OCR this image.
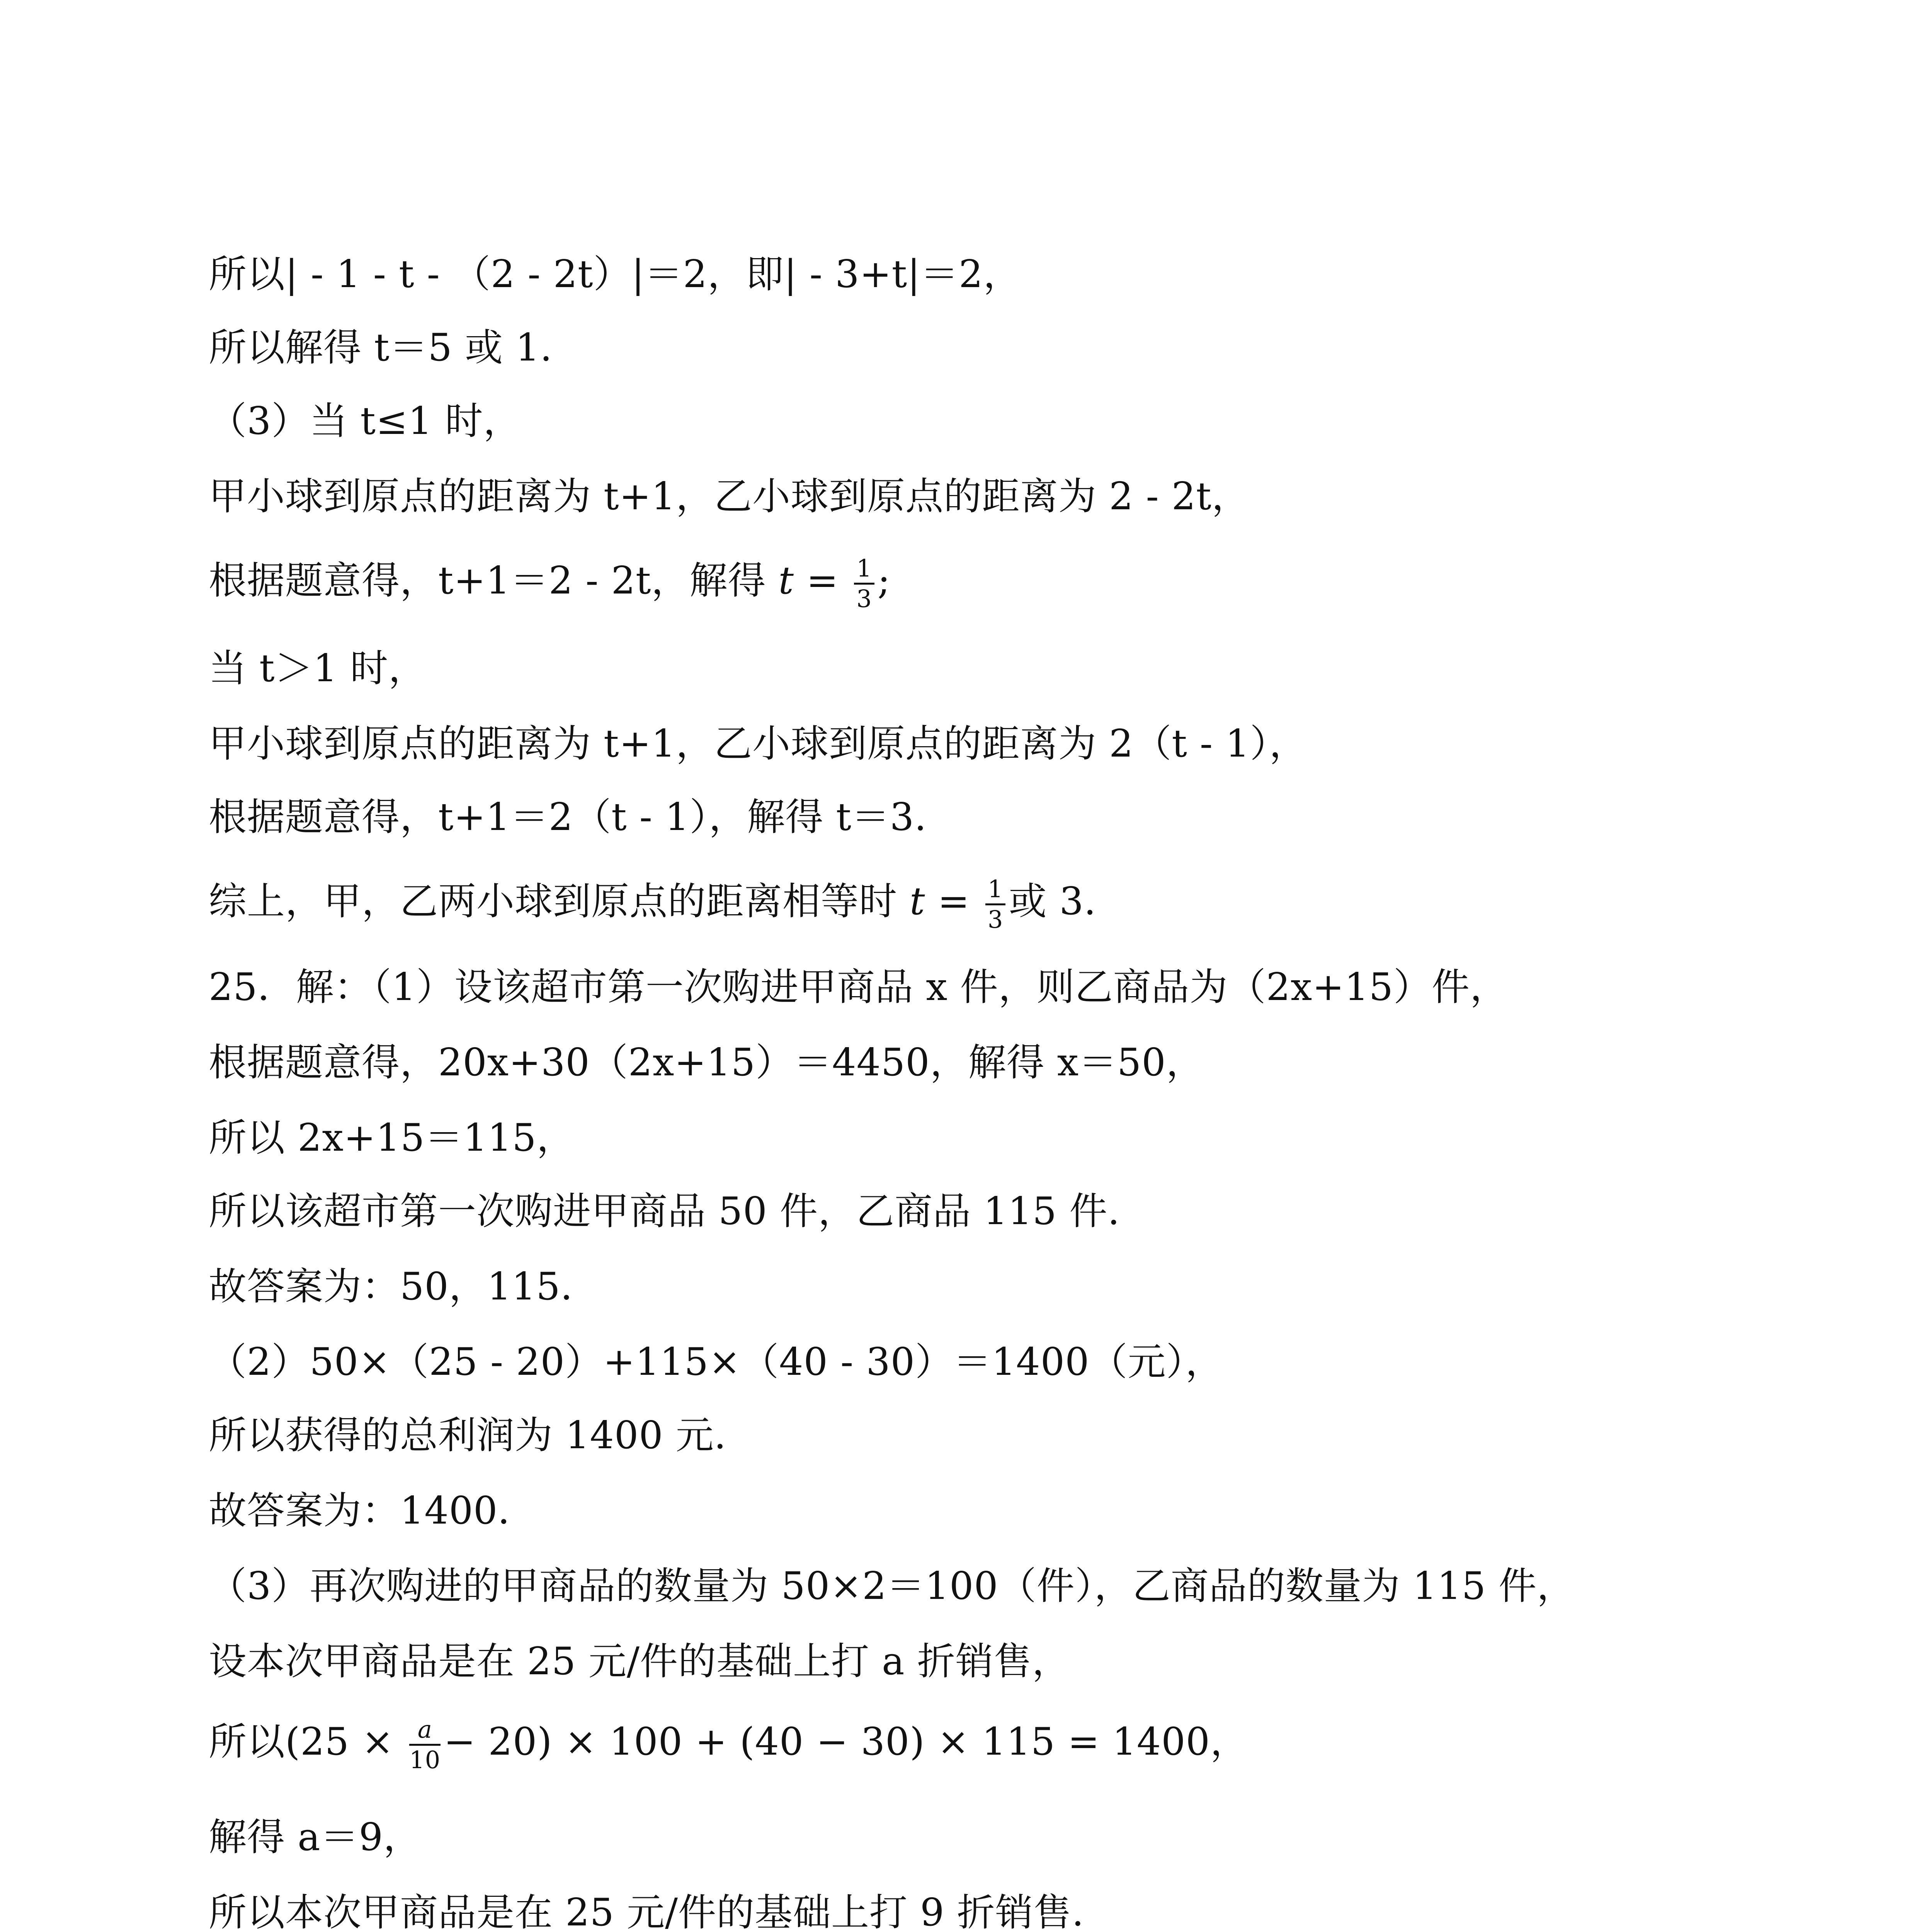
所以| - 1 - t - （2 - 2t）|＝2，即| - 3+t|＝2，
所以解得 t＝5 或 1.
（3）当 t≤1 时，
甲小球到原点的距离为 t+1，乙小球到原点的距离为 2 - 2t，
根据题意得，t+1＝2 - 2t，解得 $t = \frac{1}{3}$ ;
当 t＞1 时，
甲小球到原点的距离为 t+1，乙小球到原点的距离为 2（t - 1），
根据题意得，t+1＝2（t - 1），解得 t＝3.
综上，甲，乙两小球到原点的距离相等时 $t = \frac{1}{3}$ 或 3.
25．解：（1）设该超市第一次购进甲商品 x 件，则乙商品为（2x+15）件，
根据题意得，20x+30（2x+15）＝4450，解得 x＝50，
所以 2x+15＝115，
所以该超市第一次购进甲商品 50 件，乙商品 115 件.
故答案为：50，115．
（2）50×（25 - 20）+115×（40 - 30）＝1400（元），
所以获得的总利润为 1400 元.
故答案为：1400．
（3）再次购进的甲商品的数量为 50×2＝100（件），乙商品的数量为 115 件，
设本次甲商品是在 25 元/件的基础上打 a 折销售，
所以$(25 \times \frac{a}{10} - 20) \times 100 + (40 - 30) \times 115 = 1400$，
解得 a＝9，
所以本次甲商品是在 25 元/件的基础上打 9 折销售.
